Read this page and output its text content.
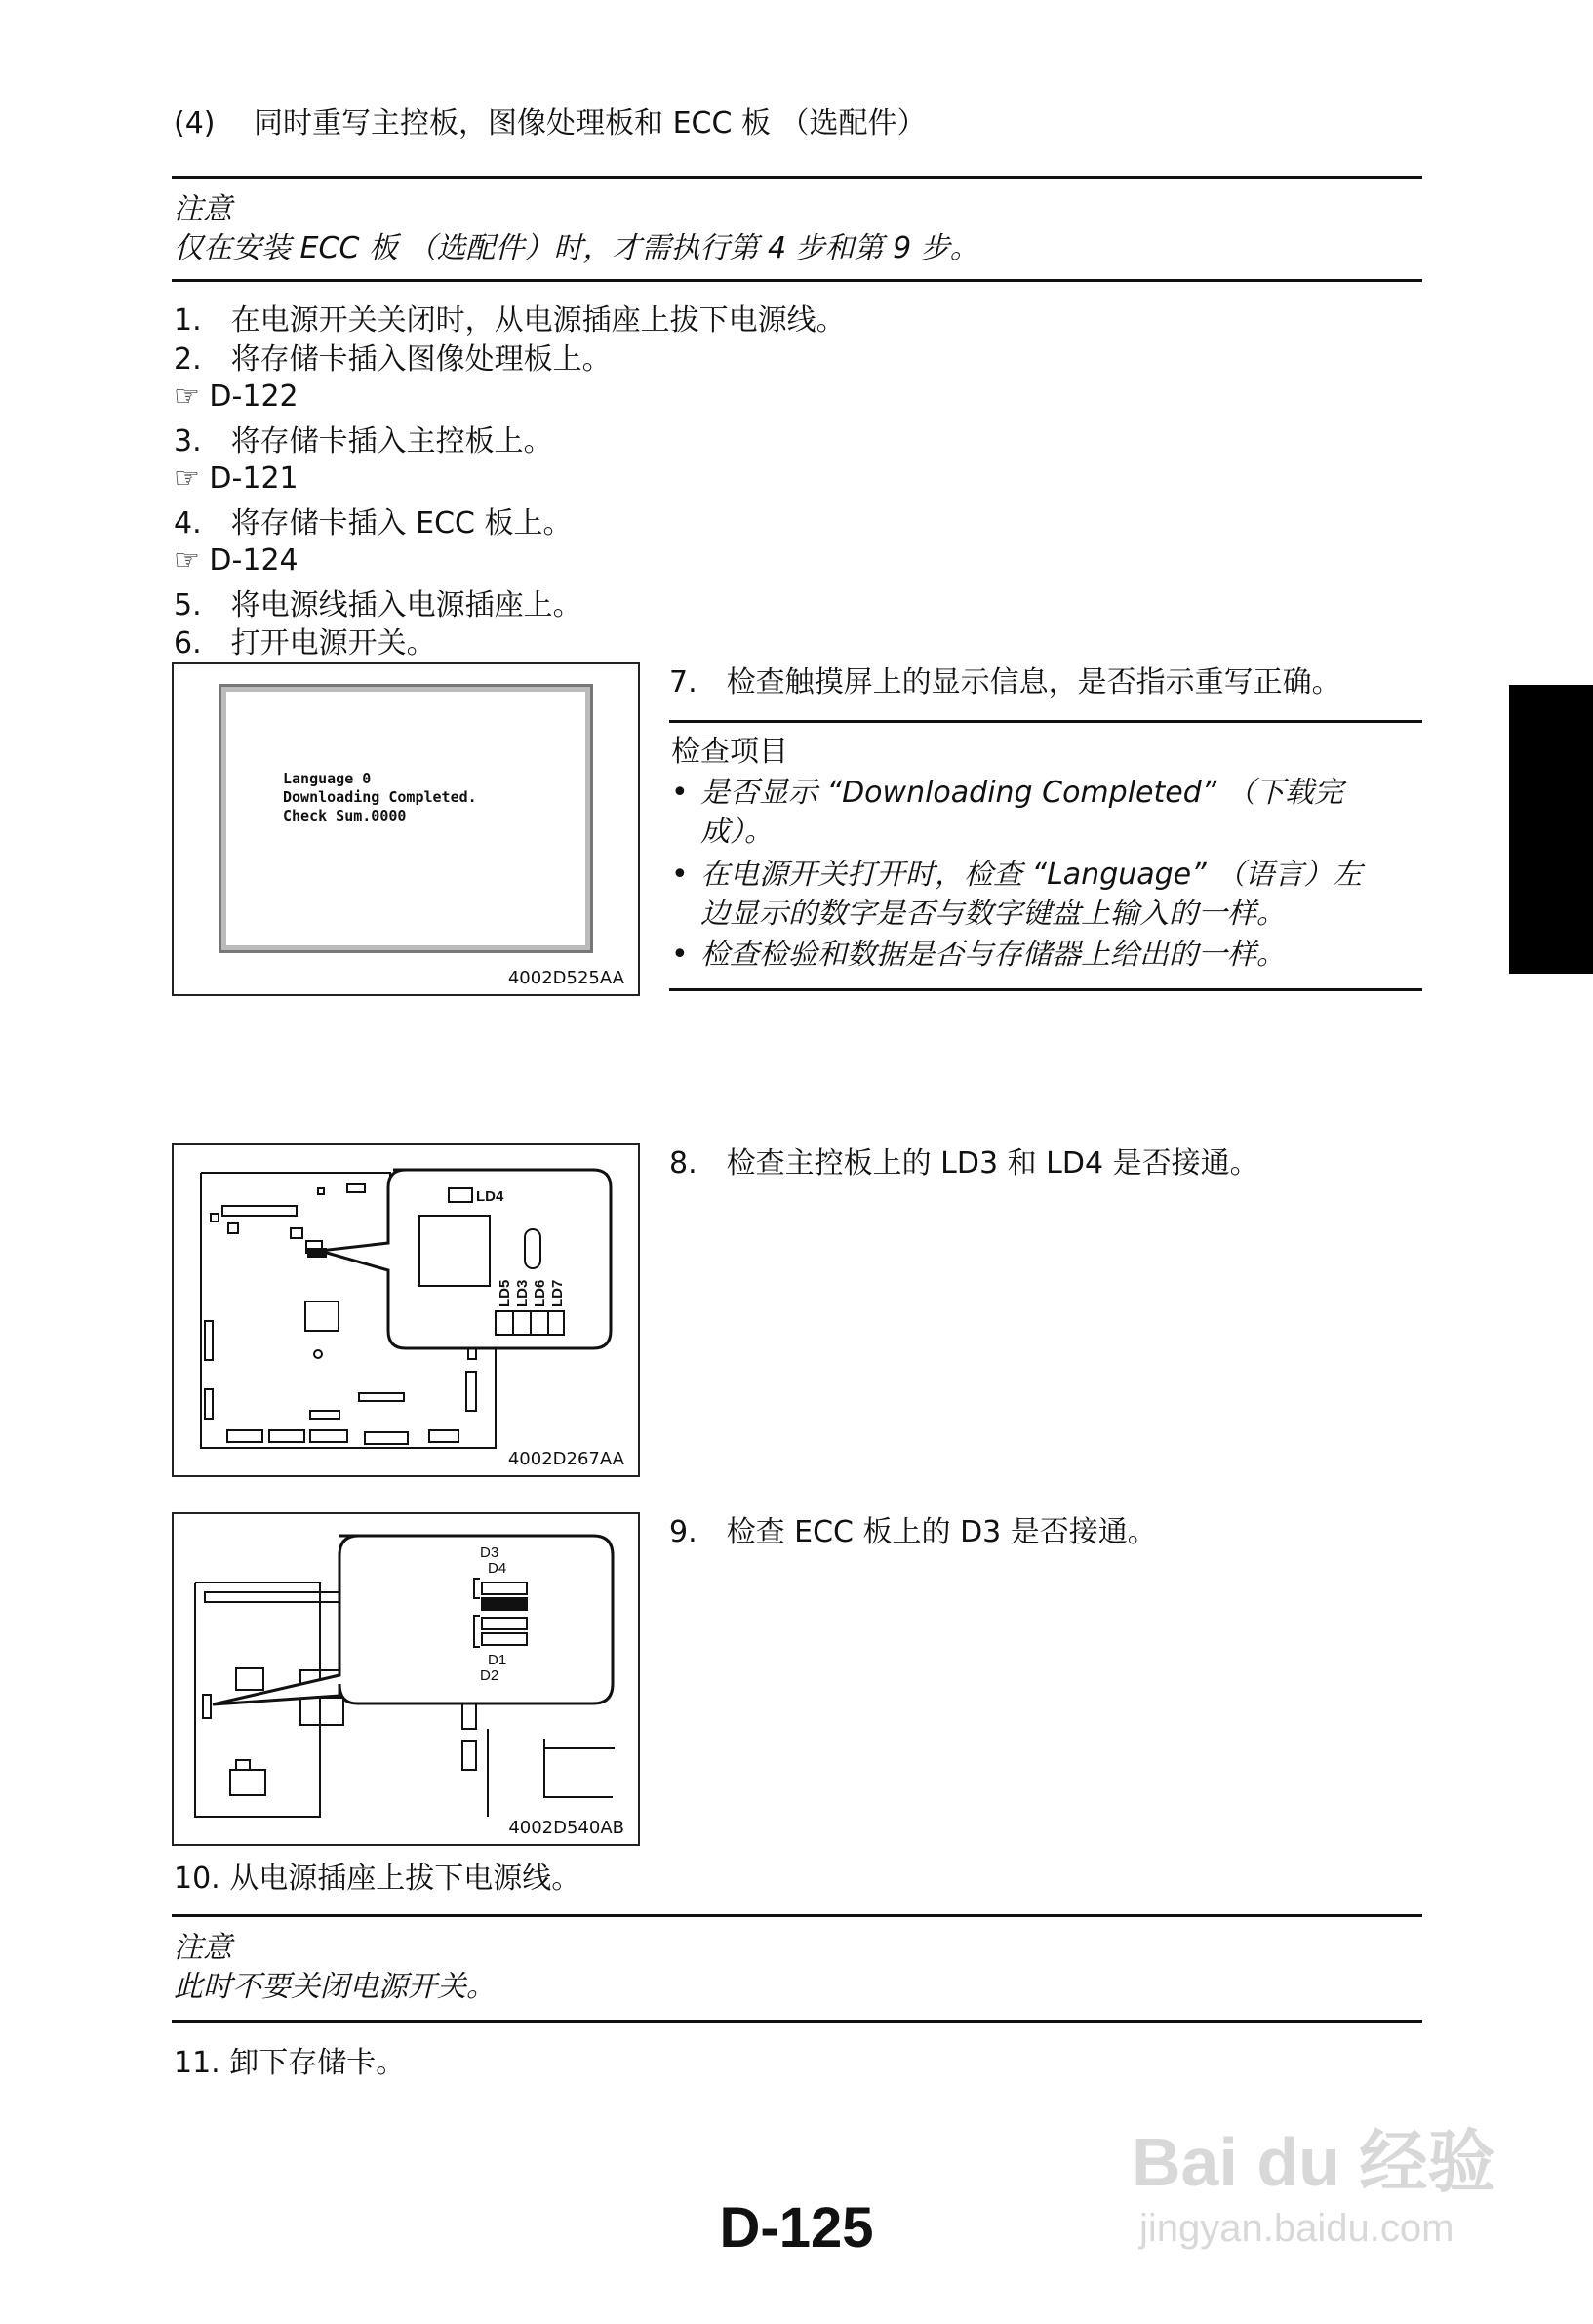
(4)　 同时重写主控板，图像处理板和 ECC 板 （选配件）
注意
仅在安装 ECC 板 （选配件）时，才需执行第 4 步和第 9 步。
1.　在电源开关关闭时，从电源插座上拔下电源线。
2.　将存储卡插入图像处理板上。
☞ D-122
3.　将存储卡插入主控板上。
☞ D-121
4.　将存储卡插入 ECC 板上。
☞ D-124
5.　将电源线插入电源插座上。
6.　打开电源开关。
Language 0
Downloading Completed.
Check Sum.0000
4002D525AA
7.　检查触摸屏上的显示信息，是否指示重写正确。
检查项目
• 是否显示 “Downloading Completed” （下载完
成）。
• 在电源开关打开时，检查 “Language” （语言）左
边显示的数字是否与数字键盘上输入的一样。
• 检查检验和数据是否与存储器上给出的一样。
LD4
LD5 LD3 LD6 LD7
4002D267AA
8.　检查主控板上的 LD3 和 LD4 是否接通。
D3
D4
D1
D2
4002D540AB
9.　检查 ECC 板上的 D3 是否接通。
10. 从电源插座上拔下电源线。
注意
此时不要关闭电源开关。
11. 卸下存储卡。
D-125
Bai du 经验
jingyan.baidu.com
